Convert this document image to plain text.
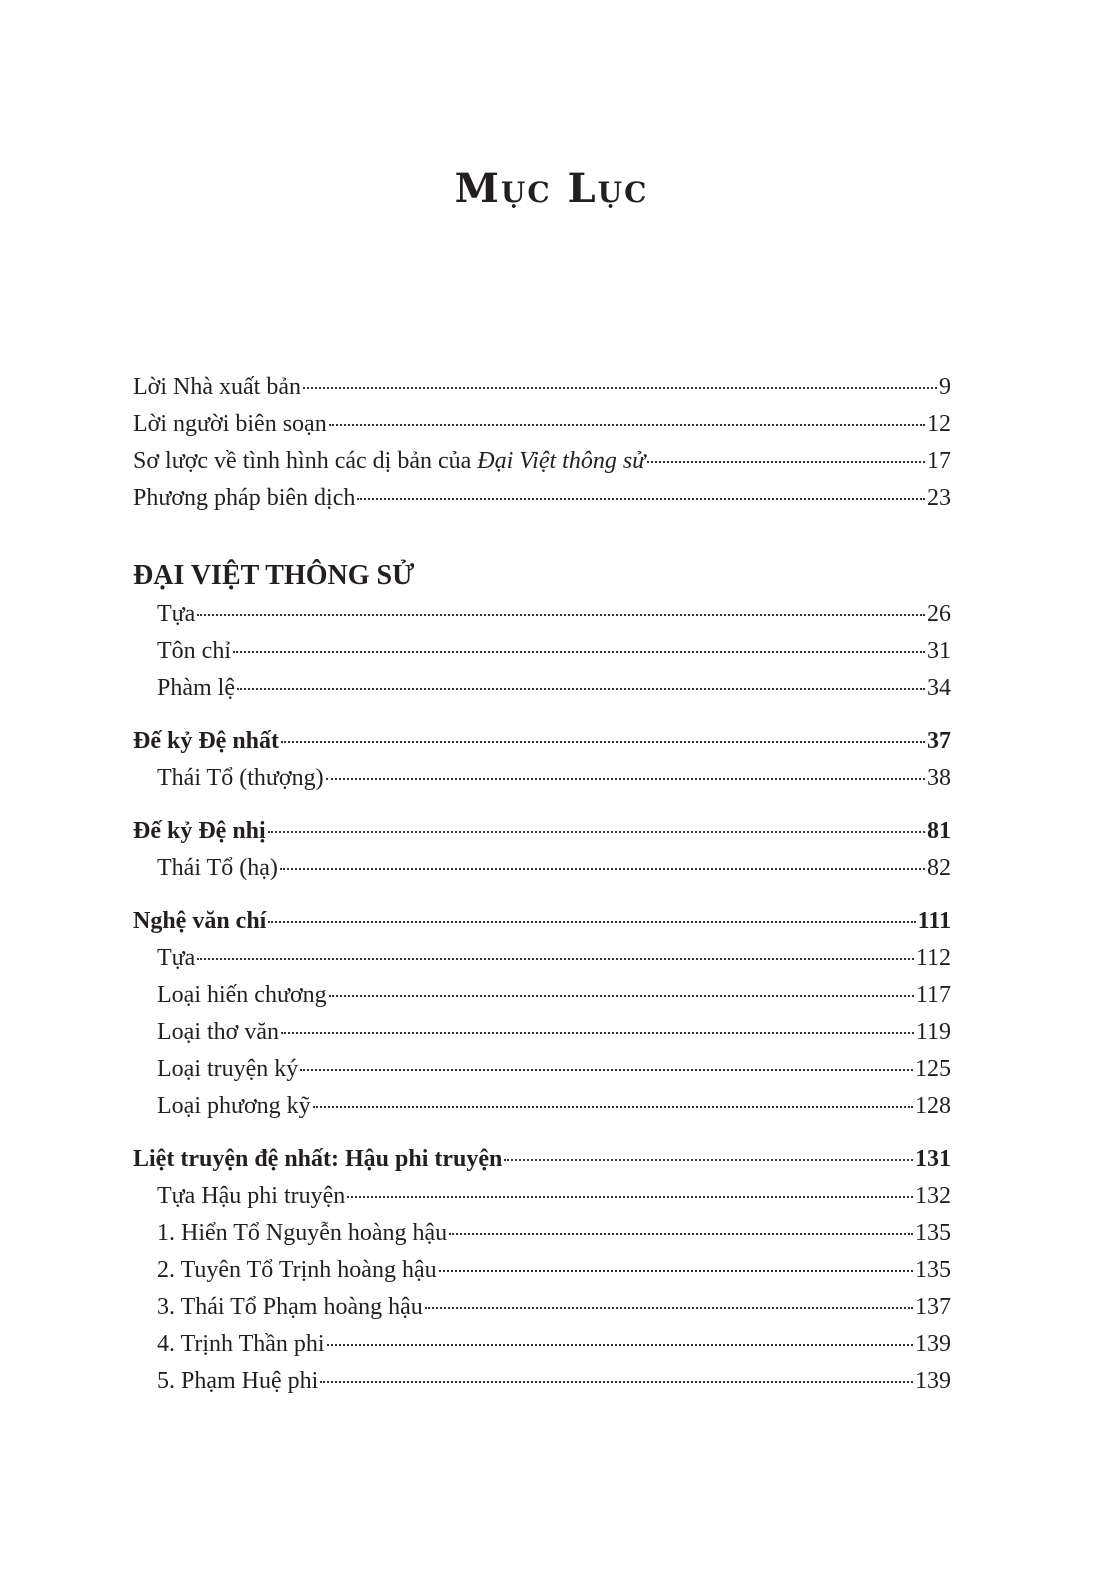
Mục Lục
Lời Nhà xuất bản	9
Lời người biên soạn	12
Sơ lược về tình hình các dị bản của Đại Việt thông sử	17
Phương pháp biên dịch	23
ĐẠI VIỆT THÔNG SỬ
Tựa	26
Tôn chỉ	31
Phàm lệ	34
Đế kỷ Đệ nhất	37
Thái Tổ (thượng)	38
Đế kỷ Đệ nhị	81
Thái Tổ (hạ)	82
Nghệ văn chí	111
Tựa	112
Loại hiến chương	117
Loại thơ văn	119
Loại truyện ký	125
Loại phương kỹ	128
Liệt truyện đệ nhất: Hậu phi truyện	131
Tựa Hậu phi truyện	132
1. Hiển Tổ Nguyễn hoàng hậu	135
2. Tuyên Tổ Trịnh hoàng hậu	135
3. Thái Tổ Phạm hoàng hậu	137
4. Trịnh Thần phi	139
5. Phạm Huệ phi	139
